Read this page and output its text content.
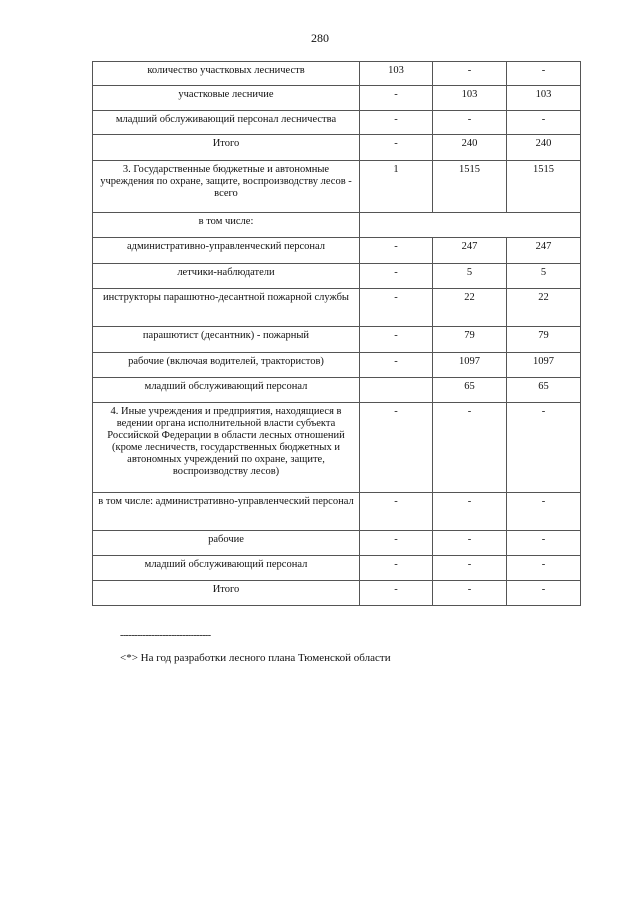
280
количество участковых лесничеств	103	-	-
участковые лесничие	-	103	103
младший обслуживающий персонал лесничества	-	-	-
Итого	-	240	240
3. Государственные бюджетные и автономные учреждения по охране, защите, воспроизводству лесов - всего	1	1515	1515
в том числе:			
административно-управленческий персонал	-	247	247
летчики-наблюдатели	-	5	5
инструкторы парашютно-десантной пожарной службы	-	22	22
парашютист (десантник) - пожарный	-	79	79
рабочие (включая водителей, трактористов)	-	1097	1097
младший обслуживающий персонал		65	65
4. Иные учреждения и предприятия, находящиеся в ведении органа исполнительной власти субъекта Российской Федерации в области лесных отношений (кроме лесничеств, государственных бюджетных и автономных учреждений по охране, защите, воспроизводству лесов)	-	-	-
в том числе: административно-управленческий персонал	-	-	-
рабочие	-	-	-
младший обслуживающий персонал	-	-	-
Итого	-	-	-
--------------------------------
<*> На год разработки лесного плана Тюменской области
